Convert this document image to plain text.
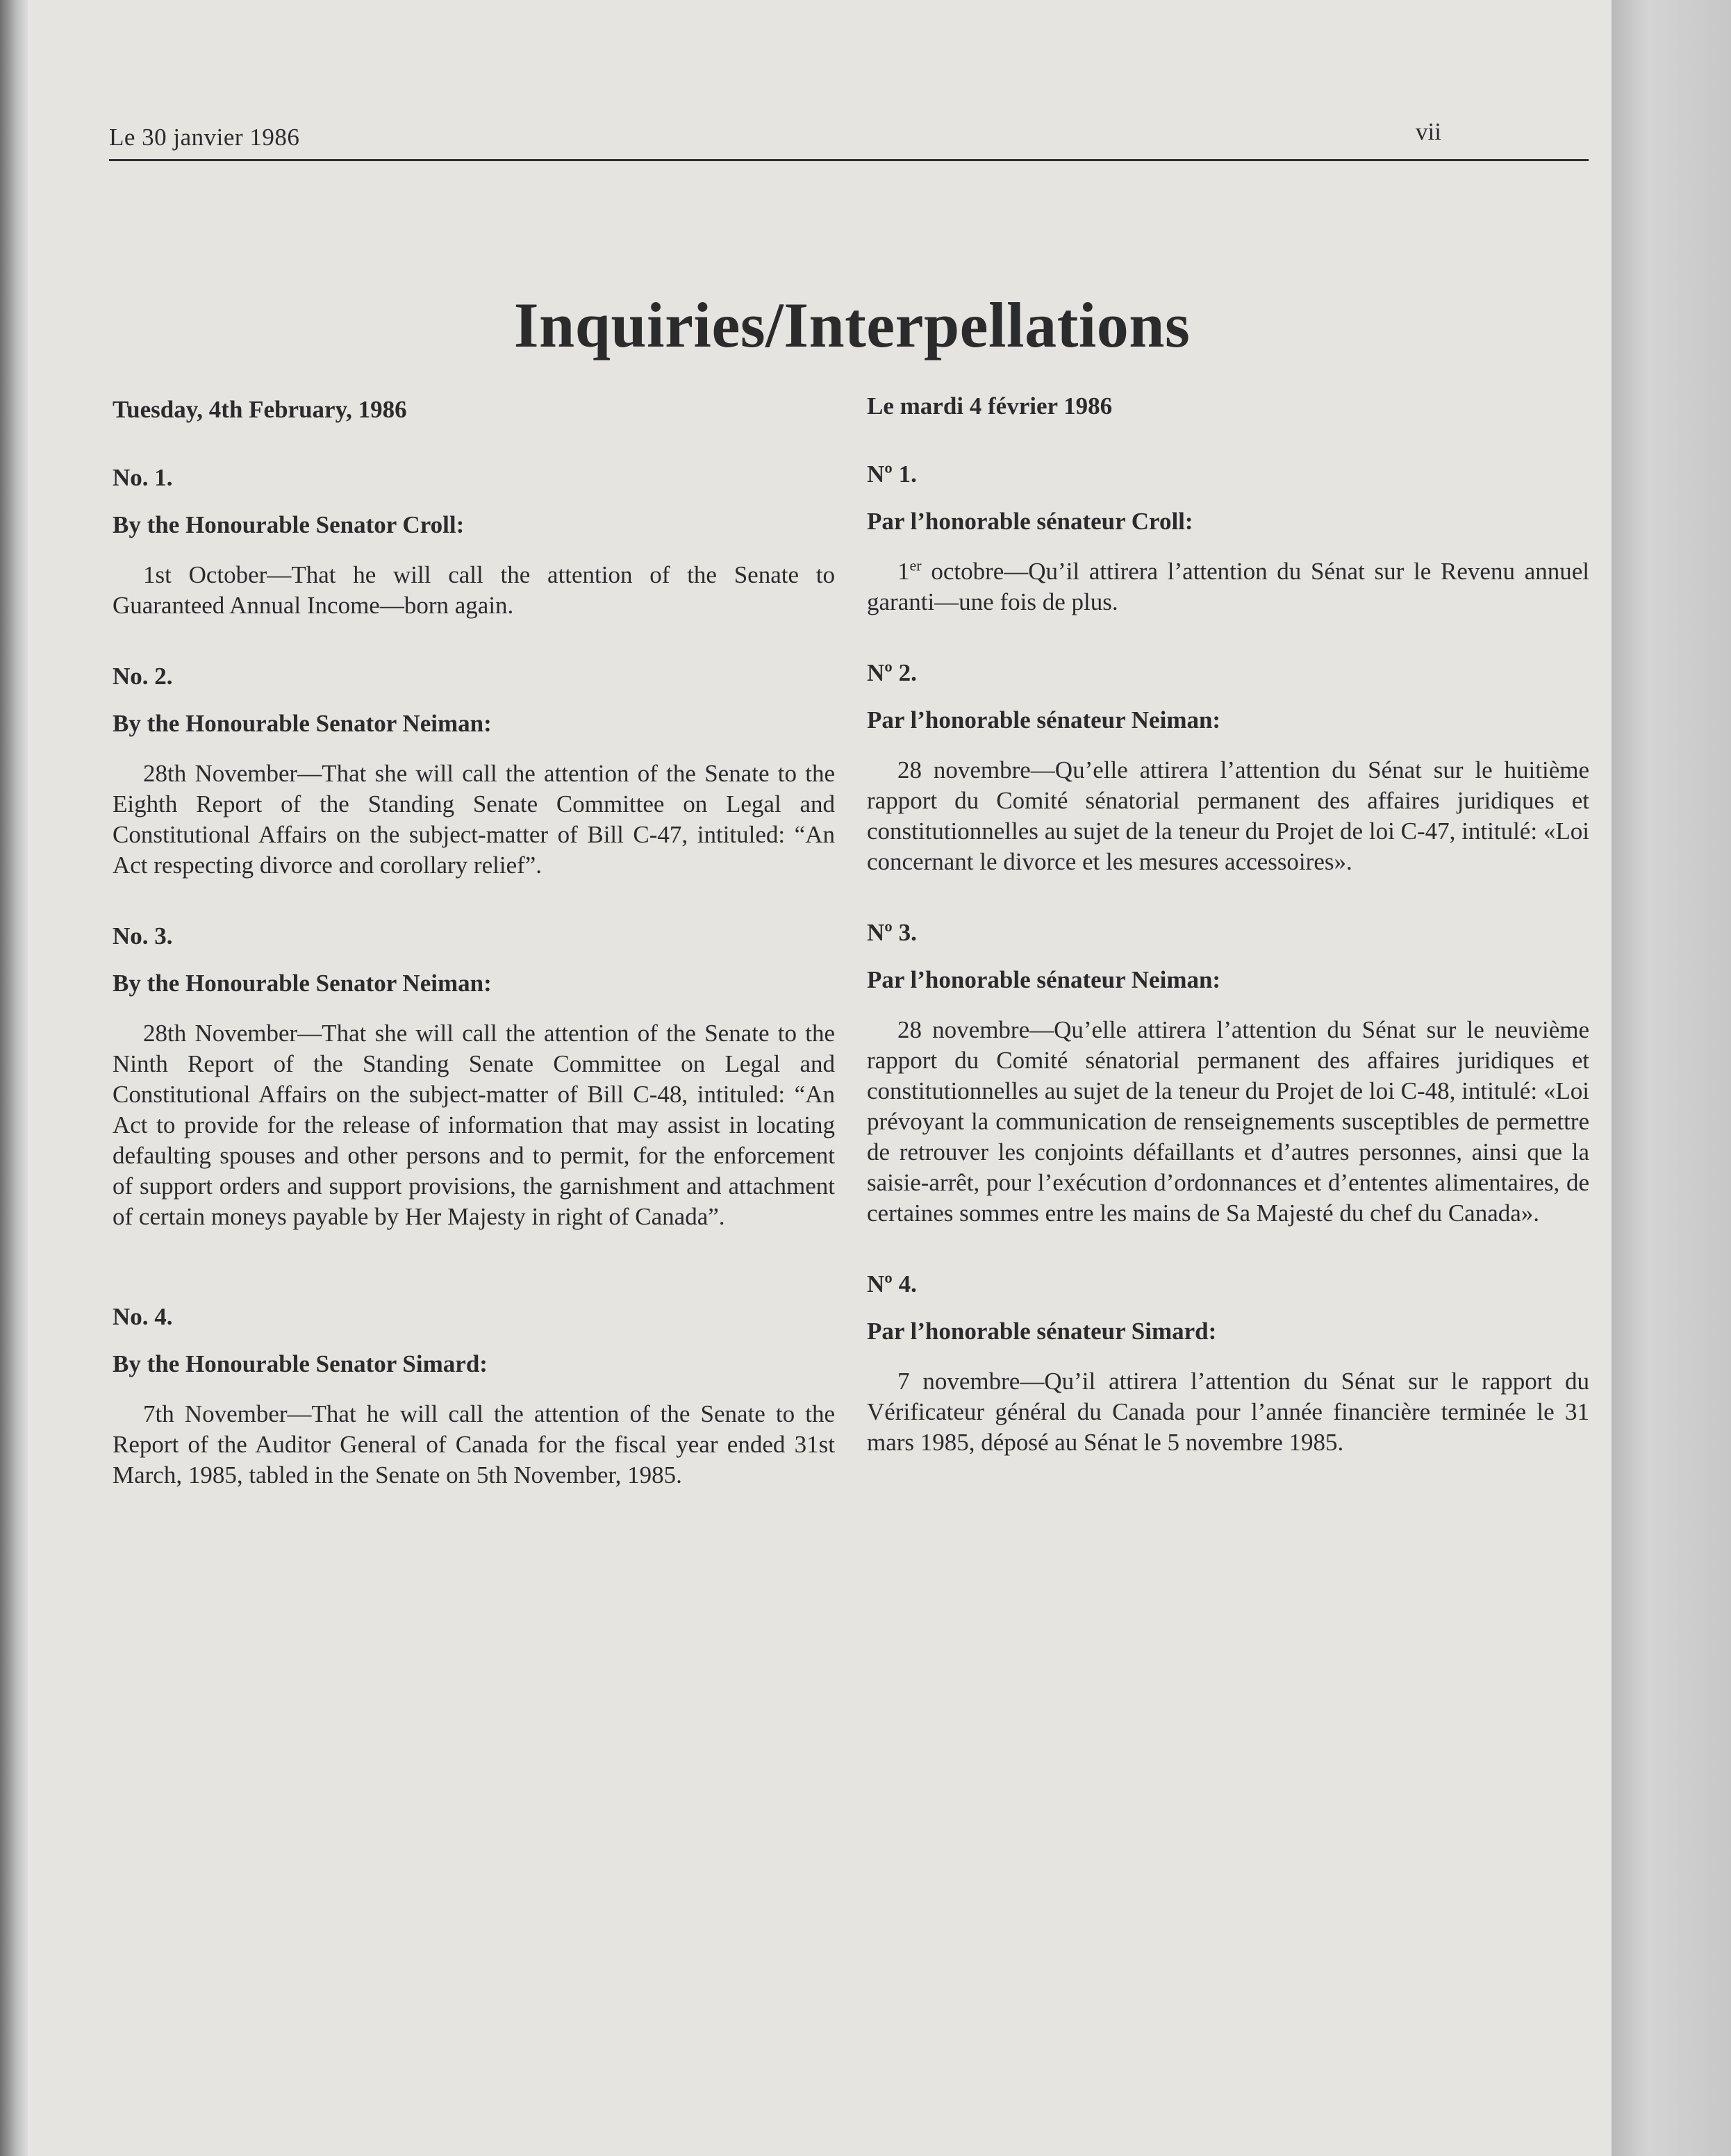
Le 30 janvier 1986	vii
Inquiries/Interpellations
Tuesday, 4th February, 1986
No. 1.
By the Honourable Senator Croll:

1st October—That he will call the attention of the Senate to Guaranteed Annual Income—born again.

No. 2.
By the Honourable Senator Neiman:

28th November—That she will call the attention of the Senate to the Eighth Report of the Standing Senate Committee on Legal and Constitutional Affairs on the subject-matter of Bill C-47, intituled: “An Act respecting divorce and corollary relief”.

No. 3.
By the Honourable Senator Neiman:

28th November—That she will call the attention of the Senate to the Ninth Report of the Standing Senate Committee on Legal and Constitutional Affairs on the subject-matter of Bill C-48, intituled: “An Act to provide for the release of information that may assist in locating defaulting spouses and other persons and to permit, for the enforcement of support orders and support provisions, the garnishment and attachment of certain moneys payable by Her Majesty in right of Canada”.

No. 4.
By the Honourable Senator Simard:

7th November—That he will call the attention of the Senate to the Report of the Auditor General of Canada for the fiscal year ended 31st March, 1985, tabled in the Senate on 5th November, 1985.

Le mardi 4 février 1986
Nº 1.
Par l’honorable sénateur Croll:

1er octobre—Qu’il attirera l’attention du Sénat sur le Revenu annuel garanti—une fois de plus.

Nº 2.
Par l’honorable sénateur Neiman:

28 novembre—Qu’elle attirera l’attention du Sénat sur le huitième rapport du Comité sénatorial permanent des affaires juridiques et constitutionnelles au sujet de la teneur du Projet de loi C-47, intitulé: «Loi concernant le divorce et les mesures accessoires».

Nº 3.
Par l’honorable sénateur Neiman:

28 novembre—Qu’elle attirera l’attention du Sénat sur le neuvième rapport du Comité sénatorial permanent des affaires juridiques et constitutionnelles au sujet de la teneur du Projet de loi C-48, intitulé: «Loi prévoyant la communication de renseignements susceptibles de permettre de retrouver les conjoints défaillants et d’autres personnes, ainsi que la saisie-arrêt, pour l’exécution d’ordonnances et d’ententes alimentaires, de certaines sommes entre les mains de Sa Majesté du chef du Canada».

Nº 4.
Par l’honorable sénateur Simard:

7 novembre—Qu’il attirera l’attention du Sénat sur le rapport du Vérificateur général du Canada pour l’année financière terminée le 31 mars 1985, déposé au Sénat le 5 novembre 1985.
